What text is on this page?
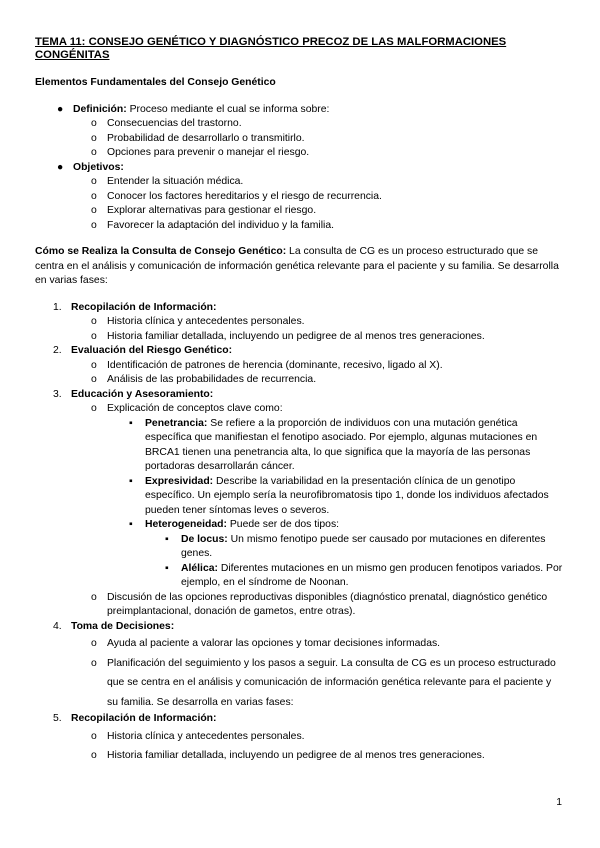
TEMA 11: CONSEJO GENÉTICO Y DIAGNÓSTICO PRECOZ DE LAS MALFORMACIONES CONGÉNITAS
Elementos Fundamentales del Consejo Genético
● Definición: Proceso mediante el cual se informa sobre:
o Consecuencias del trastorno.
o Probabilidad de desarrollarlo o transmitirlo.
o Opciones para prevenir o manejar el riesgo.
● Objetivos:
o Entender la situación médica.
o Conocer los factores hereditarios y el riesgo de recurrencia.
o Explorar alternativas para gestionar el riesgo.
o Favorecer la adaptación del individuo y la familia.

Cómo se Realiza la Consulta de Consejo Genético: La consulta de CG es un proceso estructurado que se centra en el análisis y comunicación de información genética relevante para el paciente y su familia. Se desarrolla en varias fases:

1. Recopilación de Información:
o Historia clínica y antecedentes personales.
o Historia familiar detallada, incluyendo un pedigree de al menos tres generaciones.
2. Evaluación del Riesgo Genético:
o Identificación de patrones de herencia (dominante, recesivo, ligado al X).
o Análisis de las probabilidades de recurrencia.
3. Educación y Asesoramiento:
o Explicación de conceptos clave como:
▪ Penetrancia: Se refiere a la proporción de individuos con una mutación genética específica que manifiestan el fenotipo asociado. Por ejemplo, algunas mutaciones en BRCA1 tienen una penetrancia alta, lo que significa que la mayoría de las personas portadoras desarrollarán cáncer.
▪ Expresividad: Describe la variabilidad en la presentación clínica de un genotipo específico. Un ejemplo sería la neurofibromatosis tipo 1, donde los individuos afectados pueden tener síntomas leves o severos.
▪ Heterogeneidad: Puede ser de dos tipos:
▪ De locus: Un mismo fenotipo puede ser causado por mutaciones en diferentes genes.
▪ Alélica: Diferentes mutaciones en un mismo gen producen fenotipos variados. Por ejemplo, en el síndrome de Noonan.
o Discusión de las opciones reproductivas disponibles (diagnóstico prenatal, diagnóstico genético preimplantacional, donación de gametos, entre otras).
4. Toma de Decisiones:
o Ayuda al paciente a valorar las opciones y tomar decisiones informadas.
o Planificación del seguimiento y los pasos a seguir. La consulta de CG es un proceso estructurado que se centra en el análisis y comunicación de información genética relevante para el paciente y su familia. Se desarrolla en varias fases:
5. Recopilación de Información:
o Historia clínica y antecedentes personales.
o Historia familiar detallada, incluyendo un pedigree de al menos tres generaciones.
1
